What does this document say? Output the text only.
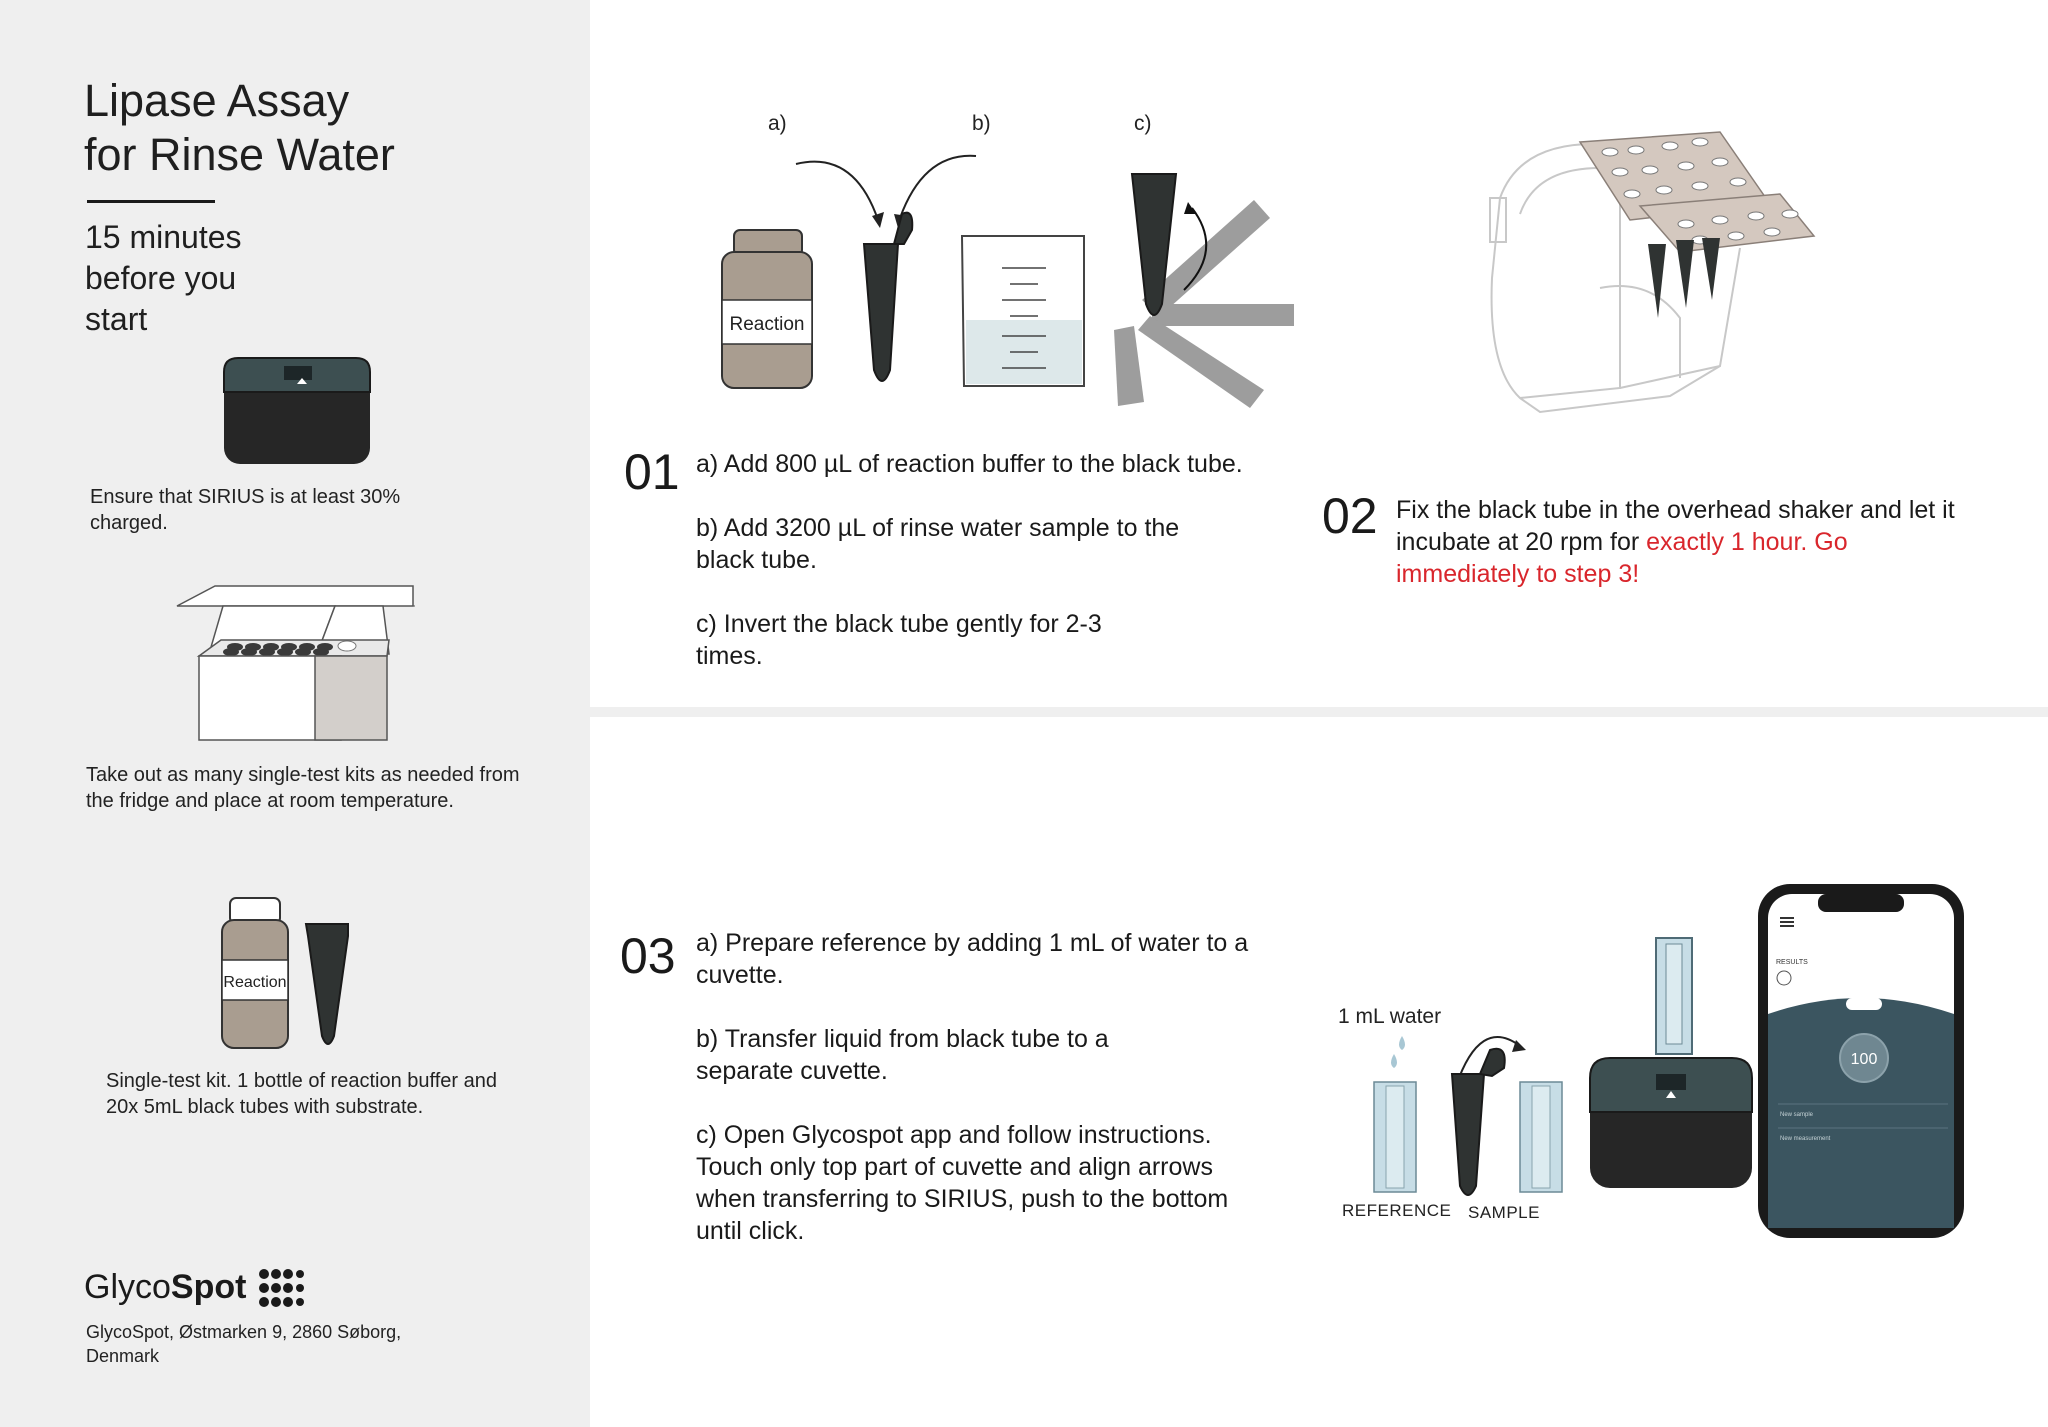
Lipase Assay
for Rinse Water
15 minutes
before you
start
Ensure that SIRIUS is at least 30% charged.
Take out as many single-test kits as needed from the fridge and place at room temperature.
Reaction
Single-test kit. 1 bottle of reaction buffer and 20x 5mL black tubes with substrate.
GlycoSpot
GlycoSpot, Østmarken 9, 2860 Søborg, Denmark
a)	b)	c)
Reaction
01 a) Add 800 µL of reaction buffer to the black tube.

b) Add 3200 µL of rinse water sample to the black tube.

c) Invert the black tube gently for 2-3 times.

02 Fix the black tube in the overhead shaker and let it incubate at 20 rpm for exactly 1 hour. Go immediately to step 3!
03 a) Prepare reference by adding 1 mL of water to a cuvette.

b) Transfer liquid from black tube to a separate cuvette.

c) Open Glycospot app and follow instructions. Touch only top part of cuvette and align arrows when transferring to SIRIUS, push to the bottom until click.

1 mL water
REFERENCE SAMPLE
RESULTS
100
New sample
New measurement
